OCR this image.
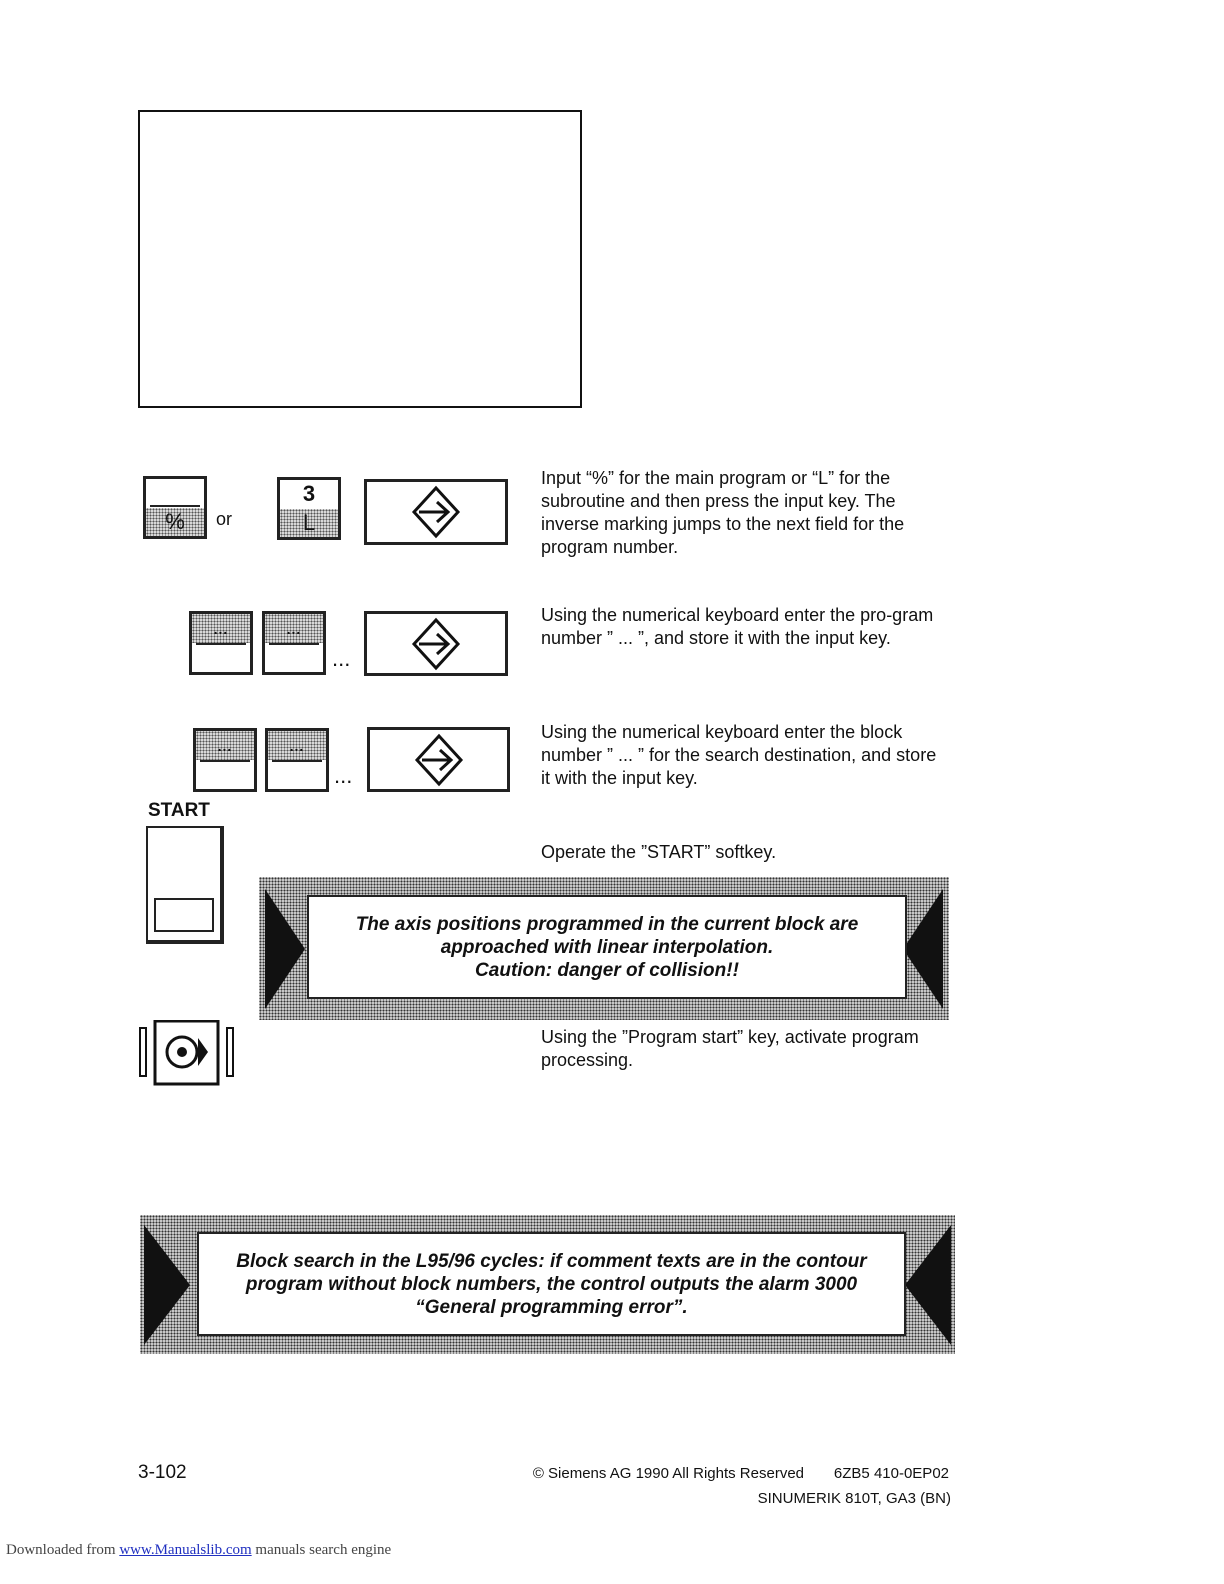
% or
3
L
Input “%” for the main program or “L” for the subroutine and then press the input key. The inverse marking jumps to the next field for the program number.
...	...
...
Using the numerical keyboard enter the pro-gram number ” ... ”, and store it with the input key.
...	...
...
Using the numerical keyboard enter the block number ” ... ” for the search destination, and store it with the input key.
START
Operate the ”START” softkey.
The axis positions programmed in the current block are
approached with linear interpolation.
Caution: danger of collision!!
Using the ”Program start” key, activate program processing.
Block search in the L95/96 cycles: if comment texts are in the contour
program without block numbers, the control outputs the alarm 3000
“General programming error”.
3-102	© Siemens AG 1990 All Rights Reserved 6ZB5 410-0EP02
SINUMERIK 810T, GA3 (BN)
Downloaded from www.Manualslib.com manuals search engine
